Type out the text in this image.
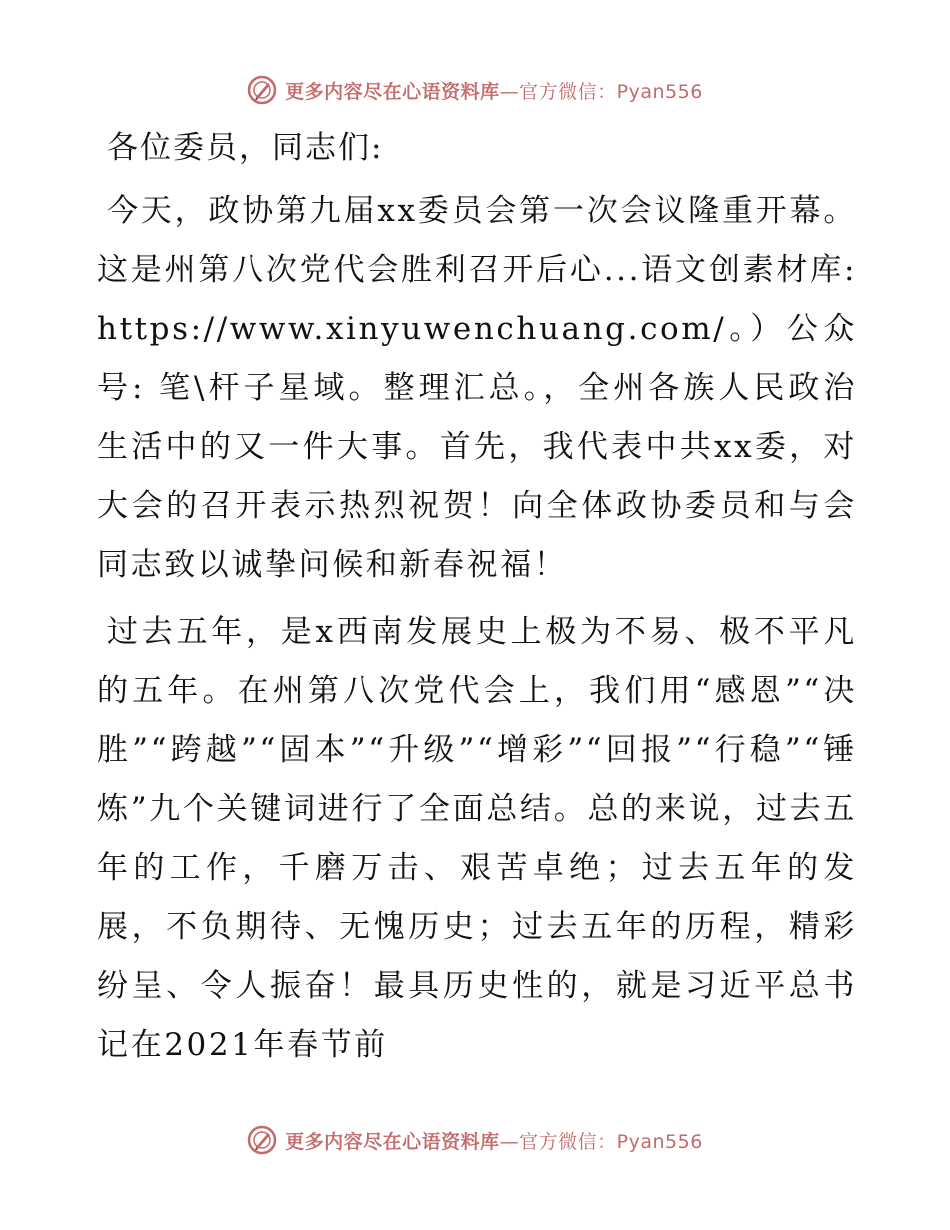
更多内容尽在心语资料库—官方微信：Pyan556

各位委员，同志们:

今天，政协第九届xx委员会第一次会议隆重开幕。这是州第八次党代会胜利召开后心...语文创素材库: https://www.xinyuwenchuang.com/。）公众号: 笔\杆子星域。整理汇总。，全州各族人民政治生活中的又一件大事。首先，我代表中共xx委，对大会的召开表示热烈祝贺！向全体政协委员和与会同志致以诚挚问候和新春祝福！

过去五年，是x西南发展史上极为不易、极不平凡的五年。在州第八次党代会上，我们用“感恩”“决胜”“跨越”“固本”“升级”“增彩”“回报”“行稳”“锤炼”九个关键词进行了全面总结。总的来说，过去五年的工作，千磨万击、艰苦卓绝；过去五年的发展，不负期待、无愧历史；过去五年的历程，精彩纷呈、令人振奋！最具历史性的，就是习近平总书记在2021年春节前

更多内容尽在心语资料库—官方微信：Pyan556
